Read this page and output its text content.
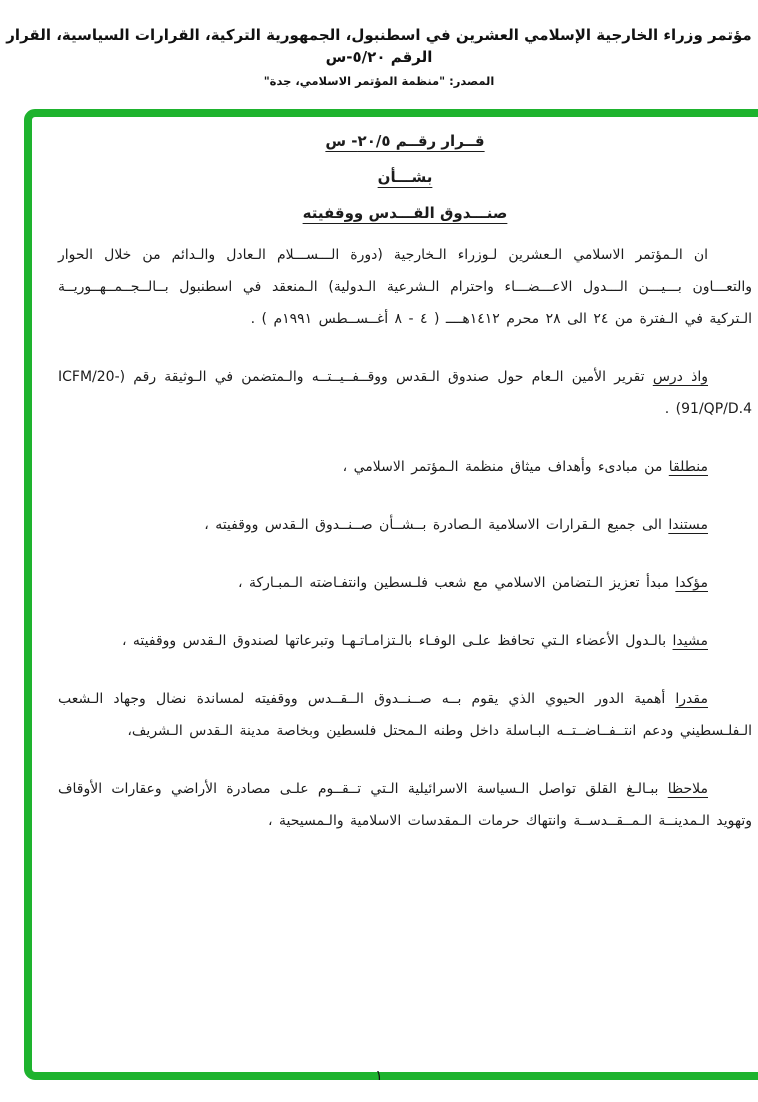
مؤتمر وزراء الخارجية الإسلامي العشرين في اسطنبول، الجمهورية التركية، القرارات السياسية، القرار الرقم ٥/٢٠-س
المصدر: "منظمة المؤتمر الاسلامي، جدة"
قــرار رقــم ٢٠/٥- س
بشـــأن
صنـــدوق القـــدس ووقفيته

ان الـمؤتمر الاسلامي الـعشرين لـوزراء الـخارجية (دورة الـــســـلام الـعادل والـدائم من خلال الحوار والتعـــاون بـــيـــن الـــدول الاعـــضـــاء واحترام الـشرعية الـدولية) الـمنعقد في اسطنبول بــالــجــمــهــوريــة الـتركية في الـفترة من ٢٤ الى ٢٨ محرم ١٤١٢هــــ ( ٤ - ٨ أغــســطس ١٩٩١م ) .

واذ درس تقرير الأمين الـعام حول صندوق الـقدس ووقــفــيــتــه والـمتضمن في الـوثيقة رقم (ICFM/20-91/QP/D.4) .

منطلقا من مبادىء وأهداف ميثاق منظمة الـمؤتمر الاسلامي ،

مستندا الى جميع الـقرارات الاسلامية الـصادرة بــشــأن صــنــدوق الـقدس ووقفيته ،

مؤكدا مبدأ تعزيز الـتضامن الاسلامي مع شعب فلـسطين وانتفـاضته الـمبـاركة ،

مشيدا بالـدول الأعضاء الـتي تحافظ علـى الوفـاء بالـتزامـاتـهـا وتبرعاتها لصندوق الـقدس ووقفيته ،

مقدرا أهمية الدور الحيوي الذي يقوم بــه صــنــدوق الــقــدس ووقفيته لمساندة نضال وجهاد الـشعب الـفلـسطيني ودعم انتــفــاضــتــه البـاسلة داخل وطنه الـمحتل فلسطين وبخاصة مدينة الـقدس الـشريف،

ملاحظا ببـالـغ القلق تواصل الـسياسة الاسرائيلية الـتي تــقــوم علـى مصادرة الأراضي وعقارات الأوقاف وتهويد الـمدينــة الـمــقــدســة وانتهاك حرمات الـمقدسات الاسلامية والـمسيحية ،

١
